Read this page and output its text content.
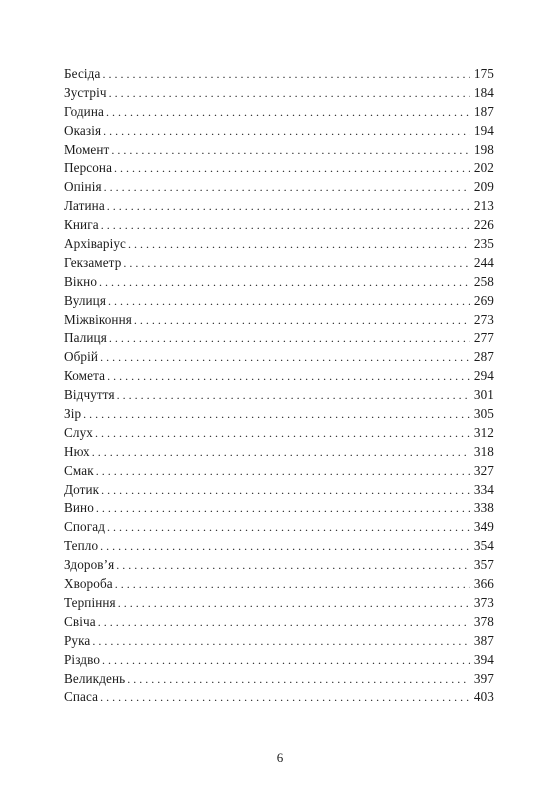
Бесіда . . .	175
Зустріч . . .	184
Година . . .	187
Оказія . . .	194
Момент . . .	198
Персона . . .	202
Опінія . . .	209
Латина . . .	213
Книга . . .	226
Архіваріус . . .	235
Гекзаметр . . .	244
Вікно . . .	258
Вулиця . . .	269
Міжвіконня . . .	273
Палиця . . .	277
Обрій . . .	287
Комета . . .	294
Відчуття . . .	301
Зір . . .	305
Слух . . .	312
Нюх . . .	318
Смак . . .	327
Дотик . . .	334
Вино . . .	338
Спогад . . .	349
Тепло . . .	354
Здоров’я . . .	357
Хвороба . . .	366
Терпіння . . .	373
Свіча . . .	378
Рука . . .	387
Різдво . . .	394
Великдень . . .	397
Спаса . . .	403
6
